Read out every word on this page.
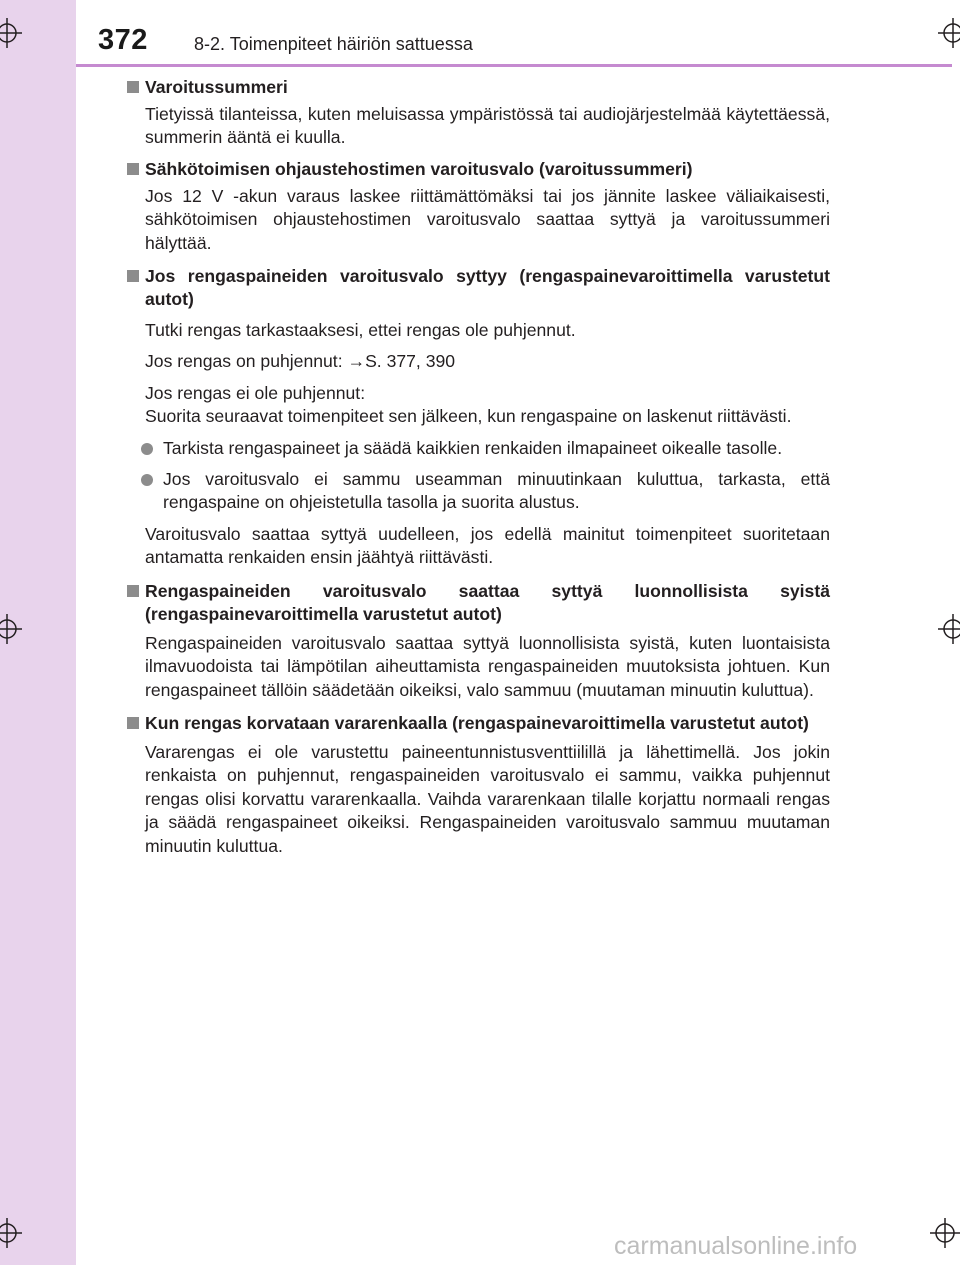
372	8-2. Toimenpiteet häiriön sattuessa
Varoitussummeri
Tietyissä tilanteissa, kuten meluisassa ympäristössä tai audiojärjestelmää käytettäessä, summerin ääntä ei kuulla.
Sähkötoimisen ohjaustehostimen varoitusvalo (varoitussummeri)
Jos 12 V -akun varaus laskee riittämättömäksi tai jos jännite laskee väliaikaisesti, sähkötoimisen ohjaustehostimen varoitusvalo saattaa syttyä ja varoitussummeri hälyttää.
Jos rengaspaineiden varoitusvalo syttyy (rengaspainevaroittimella varustetut autot)
Tutki rengas tarkastaaksesi, ettei rengas ole puhjennut.
Jos rengas on puhjennut: →S. 377, 390
Jos rengas ei ole puhjennut:
Suorita seuraavat toimenpiteet sen jälkeen, kun rengaspaine on laskenut riittävästi.
Tarkista rengaspaineet ja säädä kaikkien renkaiden ilmapaineet oikealle tasolle.
Jos varoitusvalo ei sammu useamman minuutinkaan kuluttua, tarkasta, että rengaspaine on ohjeistetulla tasolla ja suorita alustus.
Varoitusvalo saattaa syttyä uudelleen, jos edellä mainitut toimenpiteet suoritetaan antamatta renkaiden ensin jäähtyä riittävästi.
Rengaspaineiden varoitusvalo saattaa syttyä luonnollisista syistä (rengaspainevaroittimella varustetut autot)
Rengaspaineiden varoitusvalo saattaa syttyä luonnollisista syistä, kuten luontaisista ilmavuodoista tai lämpötilan aiheuttamista rengaspaineiden muutoksista johtuen. Kun rengaspaineet tällöin säädetään oikeiksi, valo sammuu (muutaman minuutin kuluttua).
Kun rengas korvataan vararenkaalla (rengaspainevaroittimella varustetut autot)
Vararengas ei ole varustettu paineentunnistusventtiilillä ja lähettimellä. Jos jokin renkaista on puhjennut, rengaspaineiden varoitusvalo ei sammu, vaikka puhjennut rengas olisi korvattu vararenkaalla. Vaihda vararenkaan tilalle korjattu normaali rengas ja säädä rengaspaineet oikeiksi. Rengaspaineiden varoitusvalo sammuu muutaman minuutin kuluttua.
carmanualsonline.info
